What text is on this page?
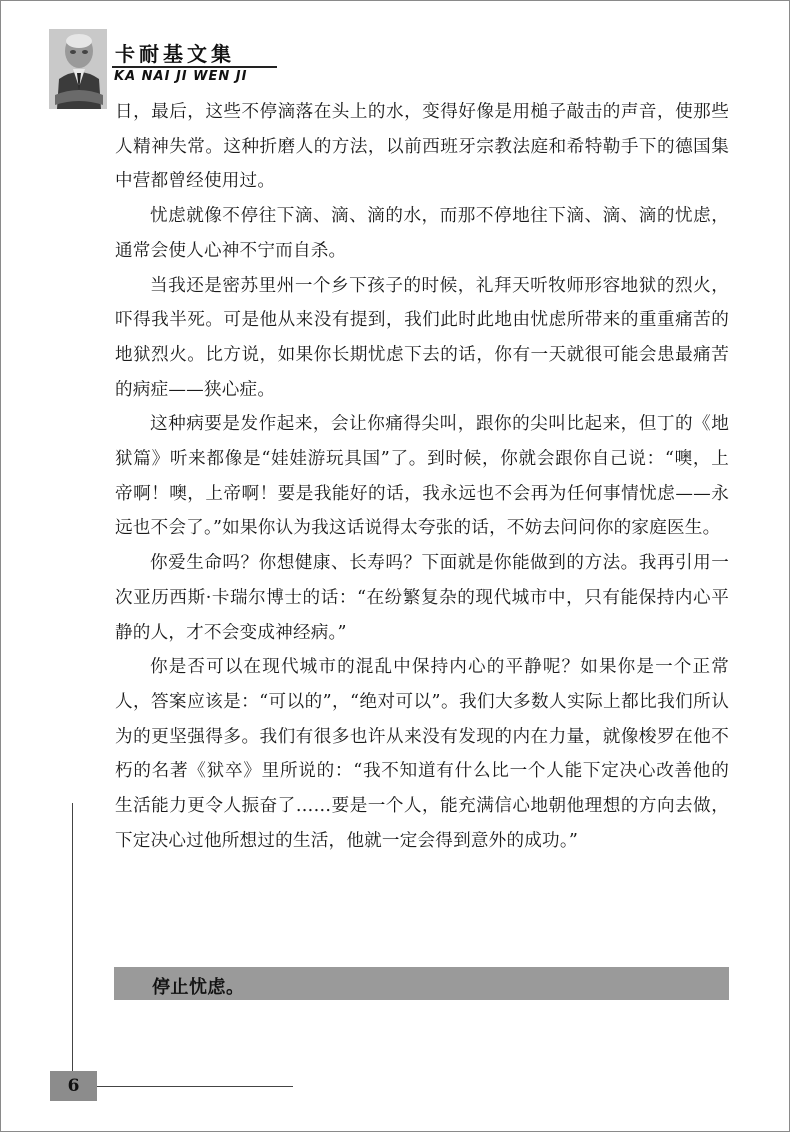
卡耐基文集
KA NAI JI WEN JI

日，最后，这些不停滴落在头上的水，变得好像是用槌子敲击的声音，使那些人精神失常。这种折磨人的方法，以前西班牙宗教法庭和希特勒手下的德国集中营都曾经使用过。

忧虑就像不停往下滴、滴、滴的水，而那不停地往下滴、滴、滴的忧虑，通常会使人心神不宁而自杀。

当我还是密苏里州一个乡下孩子的时候，礼拜天听牧师形容地狱的烈火，吓得我半死。可是他从来没有提到，我们此时此地由忧虑所带来的重重痛苦的地狱烈火。比方说，如果你长期忧虑下去的话，你有一天就很可能会患最痛苦的病症——狭心症。

这种病要是发作起来，会让你痛得尖叫，跟你的尖叫比起来，但丁的《地狱篇》听来都像是“娃娃游玩具国”了。到时候，你就会跟你自己说：“噢，上帝啊！噢，上帝啊！要是我能好的话，我永远也不会再为任何事情忧虑——永远也不会了。”如果你认为我这话说得太夸张的话，不妨去问问你的家庭医生。

你爱生命吗？你想健康、长寿吗？下面就是你能做到的方法。我再引用一次亚历西斯·卡瑞尔博士的话：“在纷繁复杂的现代城市中，只有能保持内心平静的人，才不会变成神经病。”

你是否可以在现代城市的混乱中保持内心的平静呢？如果你是一个正常人，答案应该是：“可以的”，“绝对可以”。我们大多数人实际上都比我们所认为的更坚强得多。我们有很多也许从来没有发现的内在力量，就像梭罗在他不朽的名著《狱卒》里所说的：“我不知道有什么比一个人能下定决心改善他的生活能力更令人振奋了……要是一个人，能充满信心地朝他理想的方向去做，下定决心过他所想过的生活，他就一定会得到意外的成功。”

停止忧虑。
6
